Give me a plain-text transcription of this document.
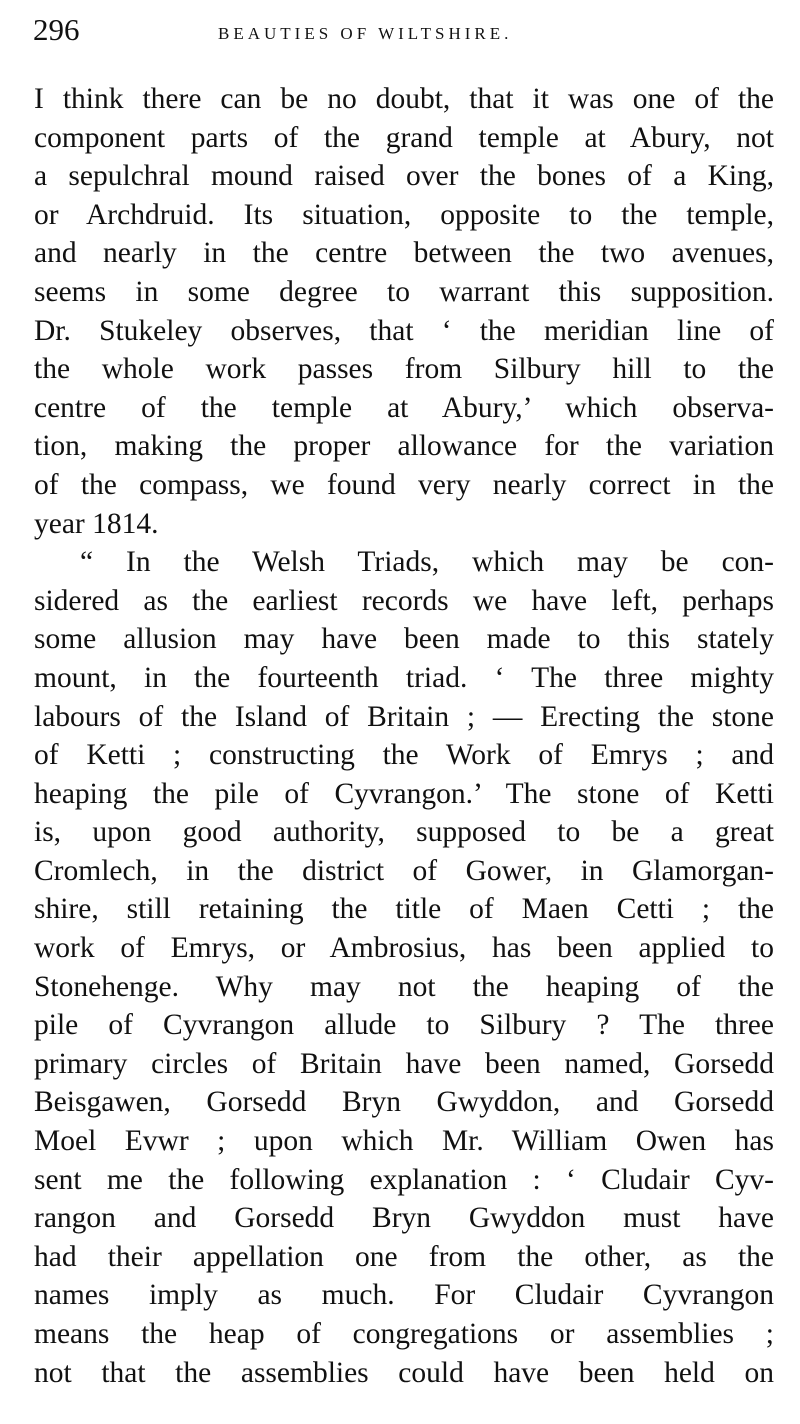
296	BEAUTIES OF WILTSHIRE.
I think there can be no doubt, that it was one of the
component parts of the grand temple at Abury, not
a sepulchral mound raised over the bones of a King,
or Archdruid. Its situation, opposite to the temple,
and nearly in the centre between the two avenues,
seems in some degree to warrant this supposition.
Dr. Stukeley observes, that ‘ the meridian line of
the whole work passes from Silbury hill to the
centre of the temple at Abury,’ which observa-
tion, making the proper allowance for the variation
of the compass, we found very nearly correct in the
year 1814.
“ In the Welsh Triads, which may be con-
sidered as the earliest records we have left, perhaps
some allusion may have been made to this stately
mount, in the fourteenth triad. ‘ The three mighty
labours of the Island of Britain ; — Erecting the stone
of Ketti ; constructing the Work of Emrys ; and
heaping the pile of Cyvrangon.’ The stone of Ketti
is, upon good authority, supposed to be a great
Cromlech, in the district of Gower, in Glamorgan-
shire, still retaining the title of Maen Cetti ; the
work of Emrys, or Ambrosius, has been applied to
Stonehenge. Why may not the heaping of the
pile of Cyvrangon allude to Silbury ? The three
primary circles of Britain have been named, Gorsedd
Beisgawen, Gorsedd Bryn Gwyddon, and Gorsedd
Moel Evwr ; upon which Mr. William Owen has
sent me the following explanation : ‘ Cludair Cyv-
rangon and Gorsedd Bryn Gwyddon must have
had their appellation one from the other, as the
names imply as much. For Cludair Cyvrangon
means the heap of congregations or assemblies ;
not that the assemblies could have been held on
